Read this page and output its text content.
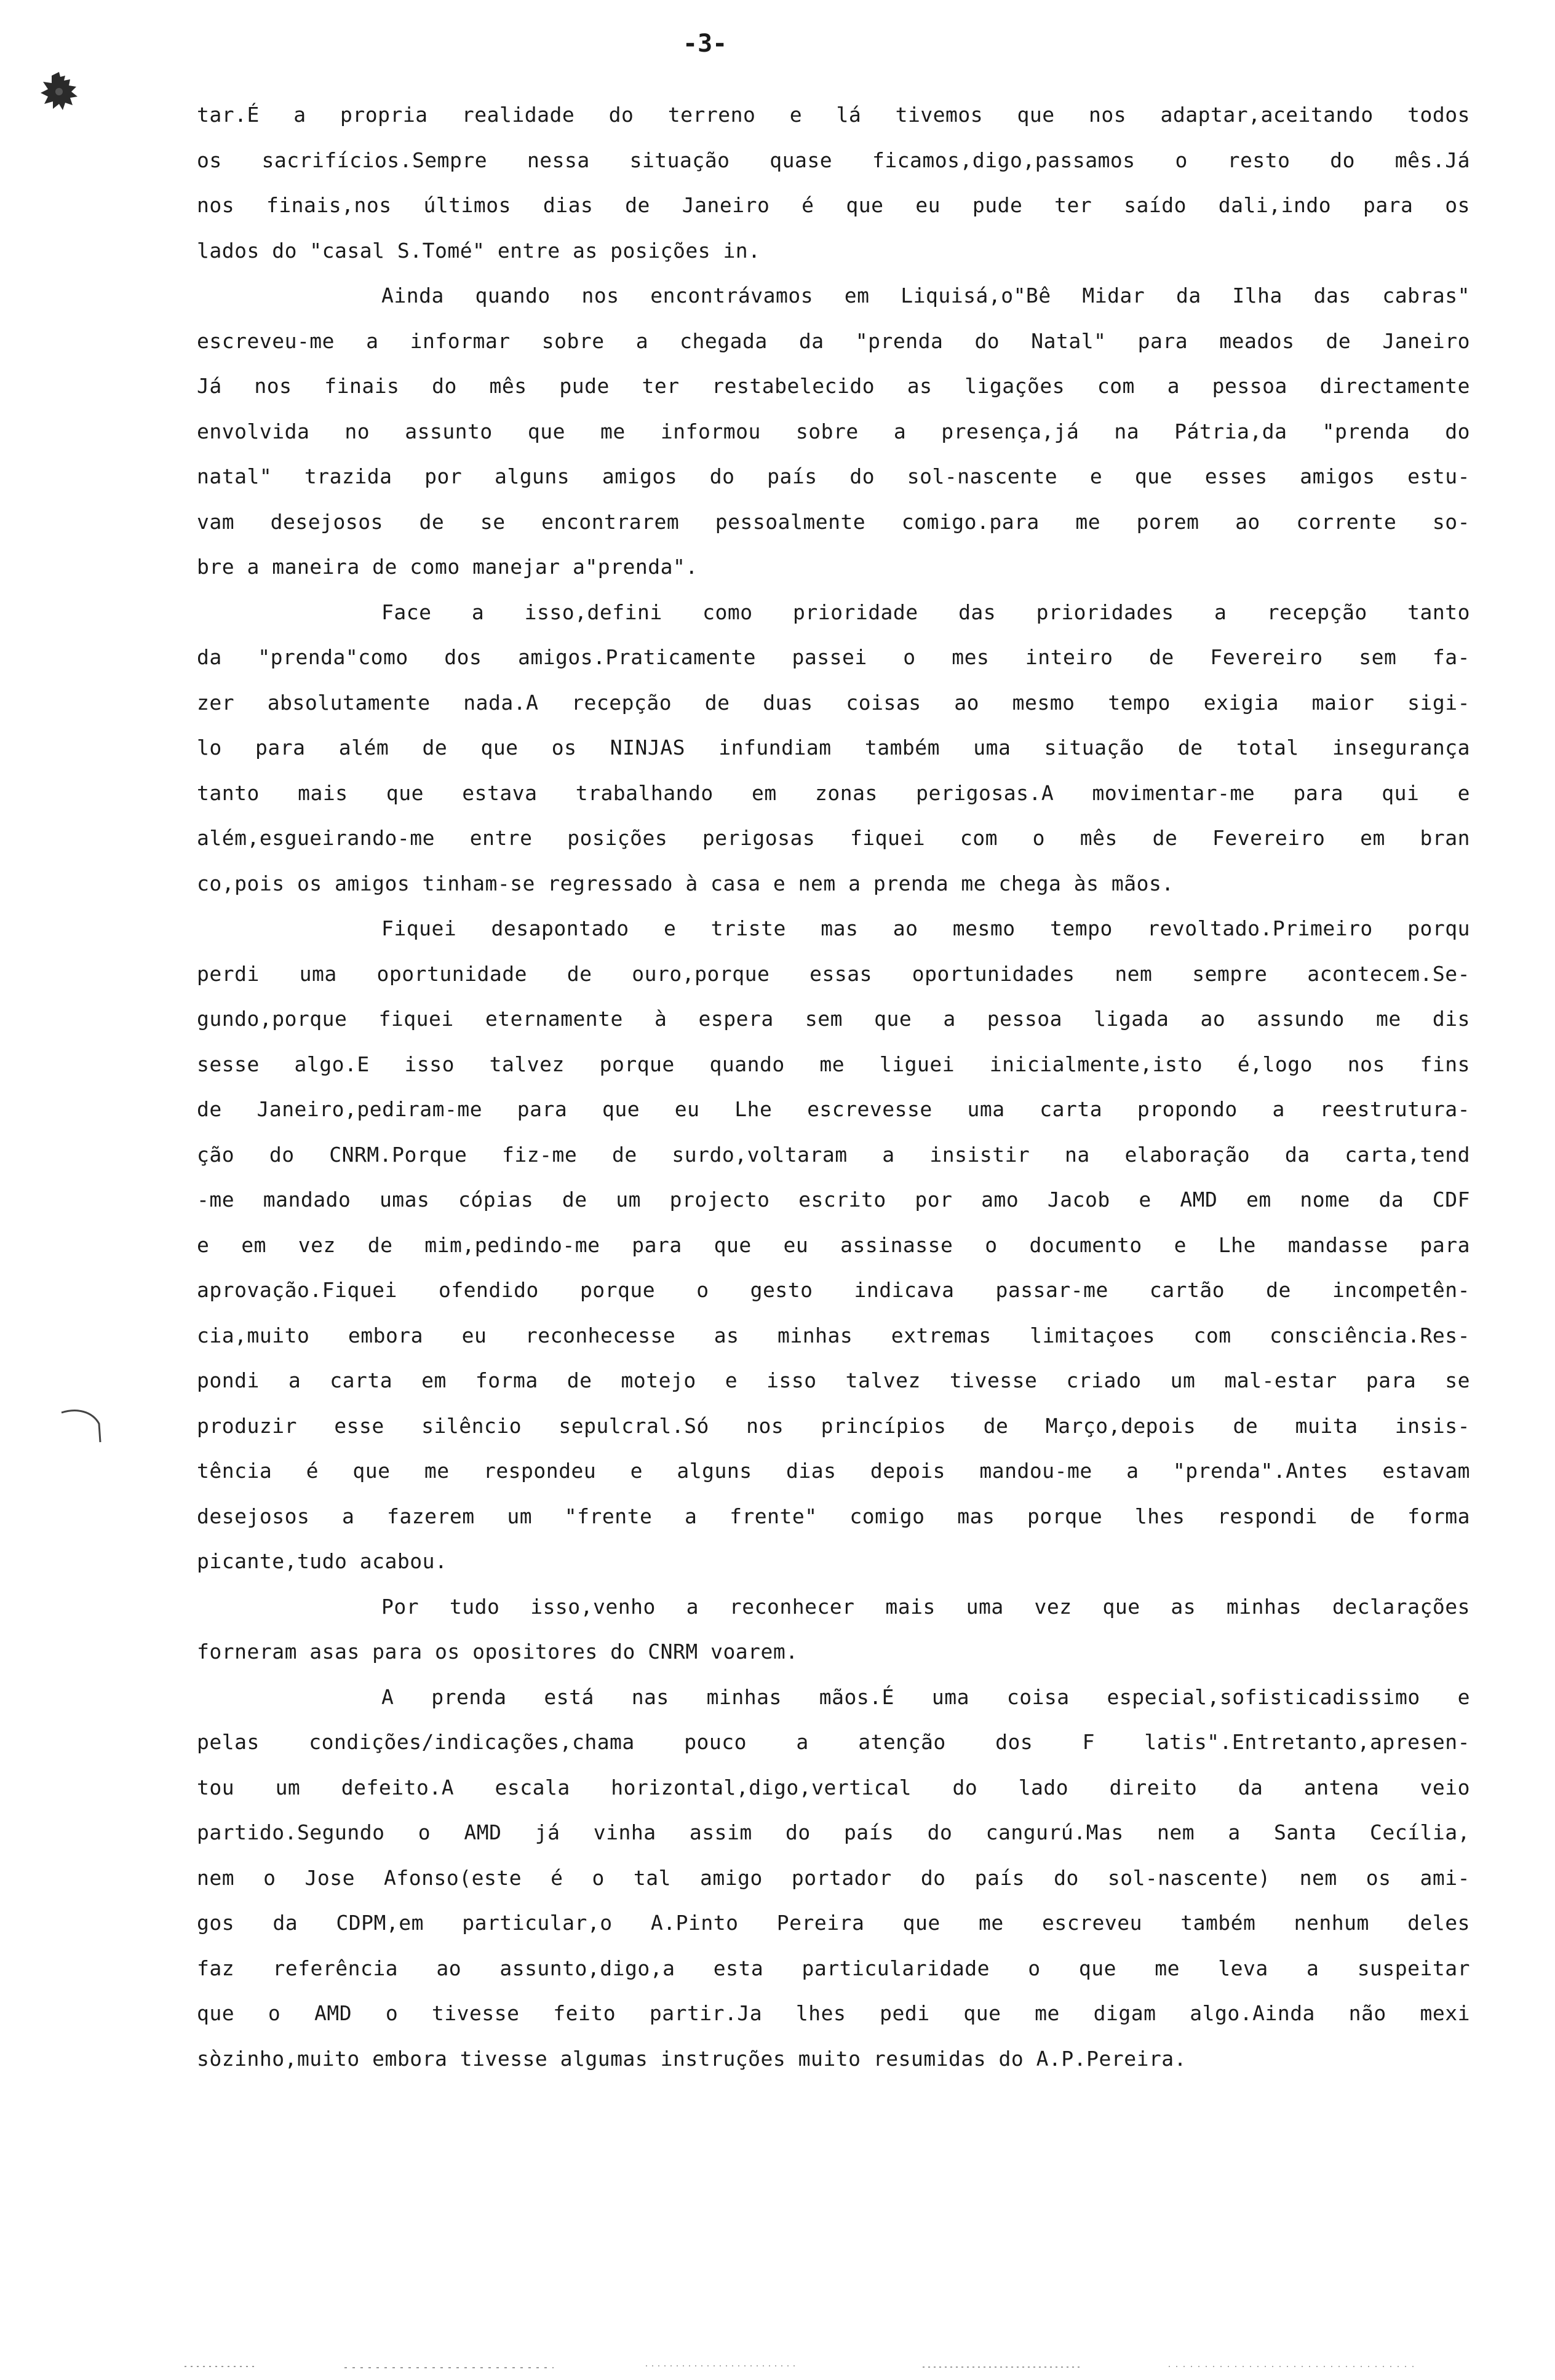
-3-
tar.É a propria realidade do terreno e lá tivemos que nos adaptar,aceitando todos
os sacrifícios.Sempre nessa situação quase ficamos,digo,passamos o resto do mês.Já
nos finais,nos últimos dias de Janeiro é que eu pude ter saído dali,indo para os
lados do "casal S.Tomé" entre as posições in.
Ainda quando nos encontrávamos em Liquisá,o"Bê Midar da Ilha das cabras"
escreveu-me a informar sobre a chegada da "prenda do Natal" para meados de Janeiro
Já nos finais do mês pude ter restabelecido as ligações com a pessoa directamente
envolvida no assunto que me informou sobre a presença,já na Pátria,da "prenda do
natal" trazida por alguns amigos do país do sol-nascente e que esses amigos estu-
vam desejosos de se encontrarem pessoalmente comigo.para me porem ao corrente so-
bre a maneira de como manejar a"prenda".
Face a isso,defini como prioridade das prioridades a recepção tanto
da "prenda"como dos amigos.Praticamente passei o mes inteiro de Fevereiro sem fa-
zer absolutamente nada.A recepção de duas coisas ao mesmo tempo exigia maior sigi-
lo para além de que os NINJAS infundiam também uma situação de total insegurança
tanto mais que estava trabalhando em zonas perigosas.A movimentar-me para qui e
além,esgueirando-me entre posições perigosas fiquei com o mês de Fevereiro em bran
co,pois os amigos tinham-se regressado à casa e nem a prenda me chega às mãos.
Fiquei desapontado e triste mas ao mesmo tempo revoltado.Primeiro porqu
perdi uma oportunidade de ouro,porque essas oportunidades nem sempre acontecem.Se-
gundo,porque fiquei eternamente à espera sem que a pessoa ligada ao assundo me dis
sesse algo.E isso talvez porque quando me liguei inicialmente,isto é,logo nos fins
de Janeiro,pediram-me para que eu Lhe escrevesse uma carta propondo a reestrutura-
ção do CNRM.Porque fiz-me de surdo,voltaram a insistir na elaboração da carta,tend
-me mandado umas cópias de um projecto escrito por amo Jacob e AMD em nome da CDF
e em vez de mim,pedindo-me para que eu assinasse o documento e Lhe mandasse para
aprovação.Fiquei ofendido porque o gesto indicava passar-me cartão de incompetên-
cia,muito embora eu reconhecesse as minhas extremas limitaçoes com consciência.Res-
pondi a carta em forma de motejo e isso talvez tivesse criado um mal-estar para se
produzir esse silêncio sepulcral.Só nos princípios de Março,depois de muita insis-
tência é que me respondeu e alguns dias depois mandou-me a "prenda".Antes estavam
desejosos a fazerem um "frente a frente" comigo mas porque lhes respondi de forma
picante,tudo acabou.
Por tudo isso,venho a reconhecer mais uma vez que as minhas declarações
forneram asas para os opositores do CNRM voarem.
A prenda está nas minhas mãos.É uma coisa especial,sofisticadissimo e
pelas condições/indicações,chama pouco a atenção dos F latis".Entretanto,apresen-
tou um defeito.A escala horizontal,digo,vertical do lado direito da antena veio
partido.Segundo o AMD já vinha assim do país do cangurú.Mas nem a Santa Cecília,
nem o Jose Afonso(este é o tal amigo portador do país do sol-nascente) nem os ami-
gos da CDPM,em particular,o A.Pinto Pereira que me escreveu também nenhum deles
faz referência ao assunto,digo,a esta particularidade o que me leva a suspeitar
que o AMD o tivesse feito partir.Ja lhes pedi que me digam algo.Ainda não mexi
sòzinho,muito embora tivesse algumas instruções muito resumidas do A.P.Pereira.
